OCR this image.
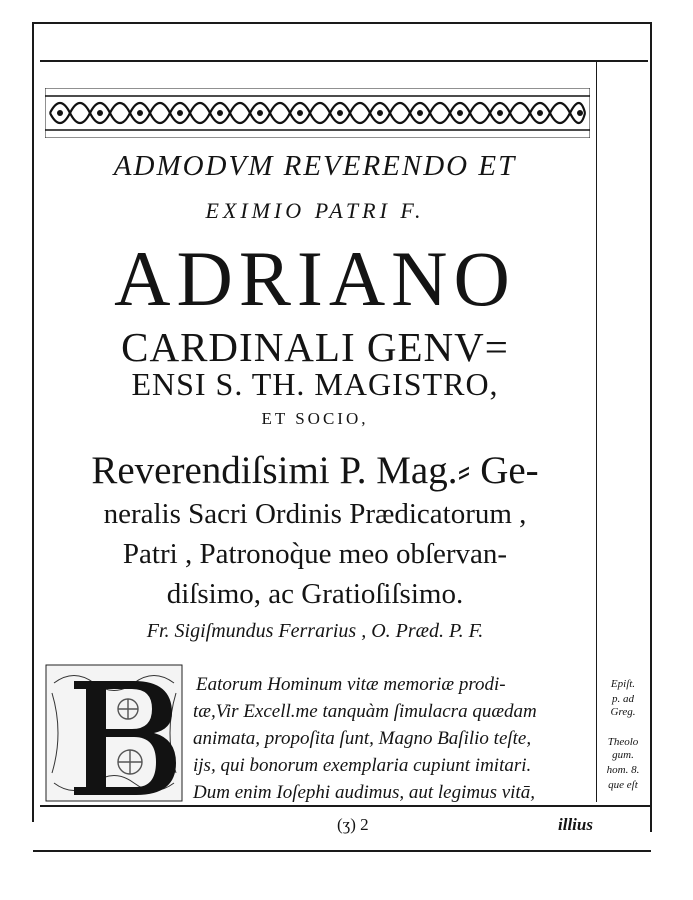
ADMODVM REVERENDO ET
EXIMIO PATRI F.
ADRIANO
CARDINALI GENV=
ENSI S. TH. MAGISTRO,
ET SOCIO,
Reverendiſsimi P. Mag.⸗ Ge-
neralis Sacri Ordinis Prædicatorum ,
Patri , Patronoq̀ue meo obſervan-
diſsimo, ac Gratioſiſsimo.
Fr. Sigiſmundus Ferrarius , O. Præd. P. F.
Eatorum Hominum vitæ memoriæ prodi-
tæ,Vir Excell.me tanquàm ſimulacra quædam
animata, propoſita ſunt, Magno Baſilio teſte,
ijs, qui bonorum exemplaria cupiunt imitari.
Dum enim Ioſephi audimus, aut legimus vitā,
Epiſt.
p. ad
Greg.
Theolo
gum.
hom. 8.
que eſt
(ʒ) 2	illius
